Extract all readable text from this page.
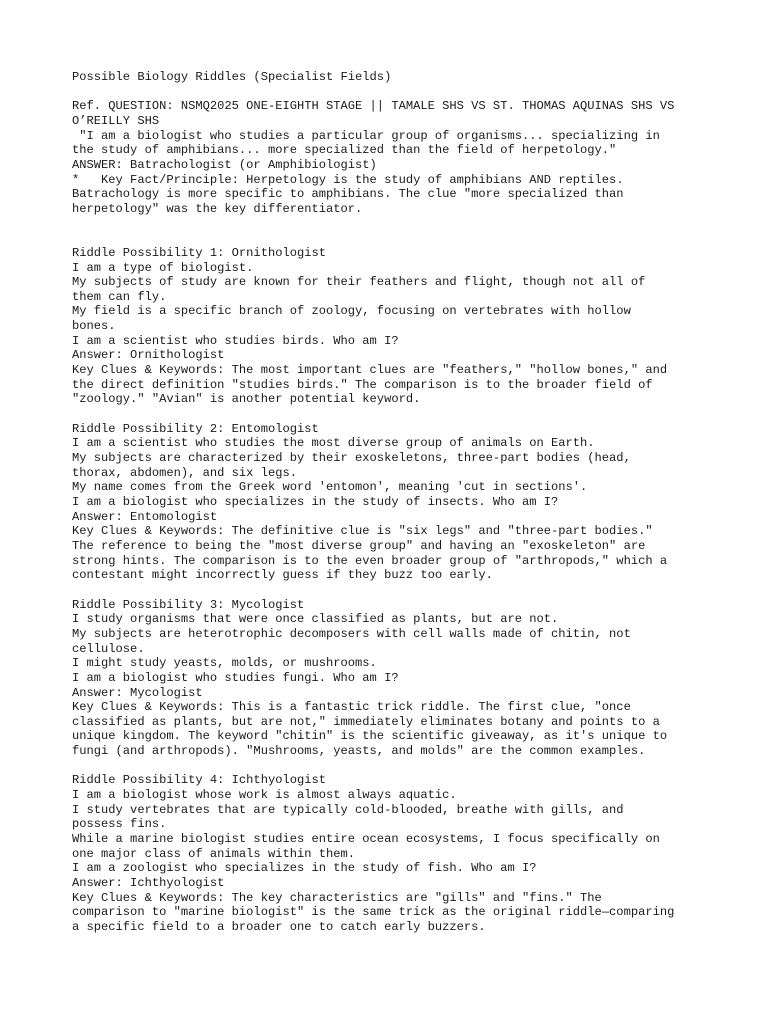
Possible Biology Riddles (Specialist Fields)
Ref. QUESTION: NSMQ2025 ONE-EIGHTH STAGE || TAMALE SHS VS ST. THOMAS AQUINAS SHS VS
O’REILLY SHS
"I am a biologist who studies a particular group of organisms... specializing in
the study of amphibians... more specialized than the field of herpetology."
ANSWER: Batrachologist (or Amphibiologist)
*   Key Fact/Principle: Herpetology is the study of amphibians AND reptiles.
Batrachology is more specific to amphibians. The clue "more specialized than
herpetology" was the key differentiator.
Riddle Possibility 1: Ornithologist
I am a type of biologist.
My subjects of study are known for their feathers and flight, though not all of
them can fly.
My field is a specific branch of zoology, focusing on vertebrates with hollow
bones.
I am a scientist who studies birds. Who am I?
Answer: Ornithologist
Key Clues & Keywords: The most important clues are "feathers," "hollow bones," and
the direct definition "studies birds." The comparison is to the broader field of
"zoology." "Avian" is another potential keyword.
Riddle Possibility 2: Entomologist
I am a scientist who studies the most diverse group of animals on Earth.
My subjects are characterized by their exoskeletons, three-part bodies (head,
thorax, abdomen), and six legs.
My name comes from the Greek word 'entomon', meaning 'cut in sections'.
I am a biologist who specializes in the study of insects. Who am I?
Answer: Entomologist
Key Clues & Keywords: The definitive clue is "six legs" and "three-part bodies."
The reference to being the "most diverse group" and having an "exoskeleton" are
strong hints. The comparison is to the even broader group of "arthropods," which a
contestant might incorrectly guess if they buzz too early.
Riddle Possibility 3: Mycologist
I study organisms that were once classified as plants, but are not.
My subjects are heterotrophic decomposers with cell walls made of chitin, not
cellulose.
I might study yeasts, molds, or mushrooms.
I am a biologist who studies fungi. Who am I?
Answer: Mycologist
Key Clues & Keywords: This is a fantastic trick riddle. The first clue, "once
classified as plants, but are not," immediately eliminates botany and points to a
unique kingdom. The keyword "chitin" is the scientific giveaway, as it's unique to
fungi (and arthropods). "Mushrooms, yeasts, and molds" are the common examples.
Riddle Possibility 4: Ichthyologist
I am a biologist whose work is almost always aquatic.
I study vertebrates that are typically cold-blooded, breathe with gills, and
possess fins.
While a marine biologist studies entire ocean ecosystems, I focus specifically on
one major class of animals within them.
I am a zoologist who specializes in the study of fish. Who am I?
Answer: Ichthyologist
Key Clues & Keywords: The key characteristics are "gills" and "fins." The
comparison to "marine biologist" is the same trick as the original riddle—comparing
a specific field to a broader one to catch early buzzers.
